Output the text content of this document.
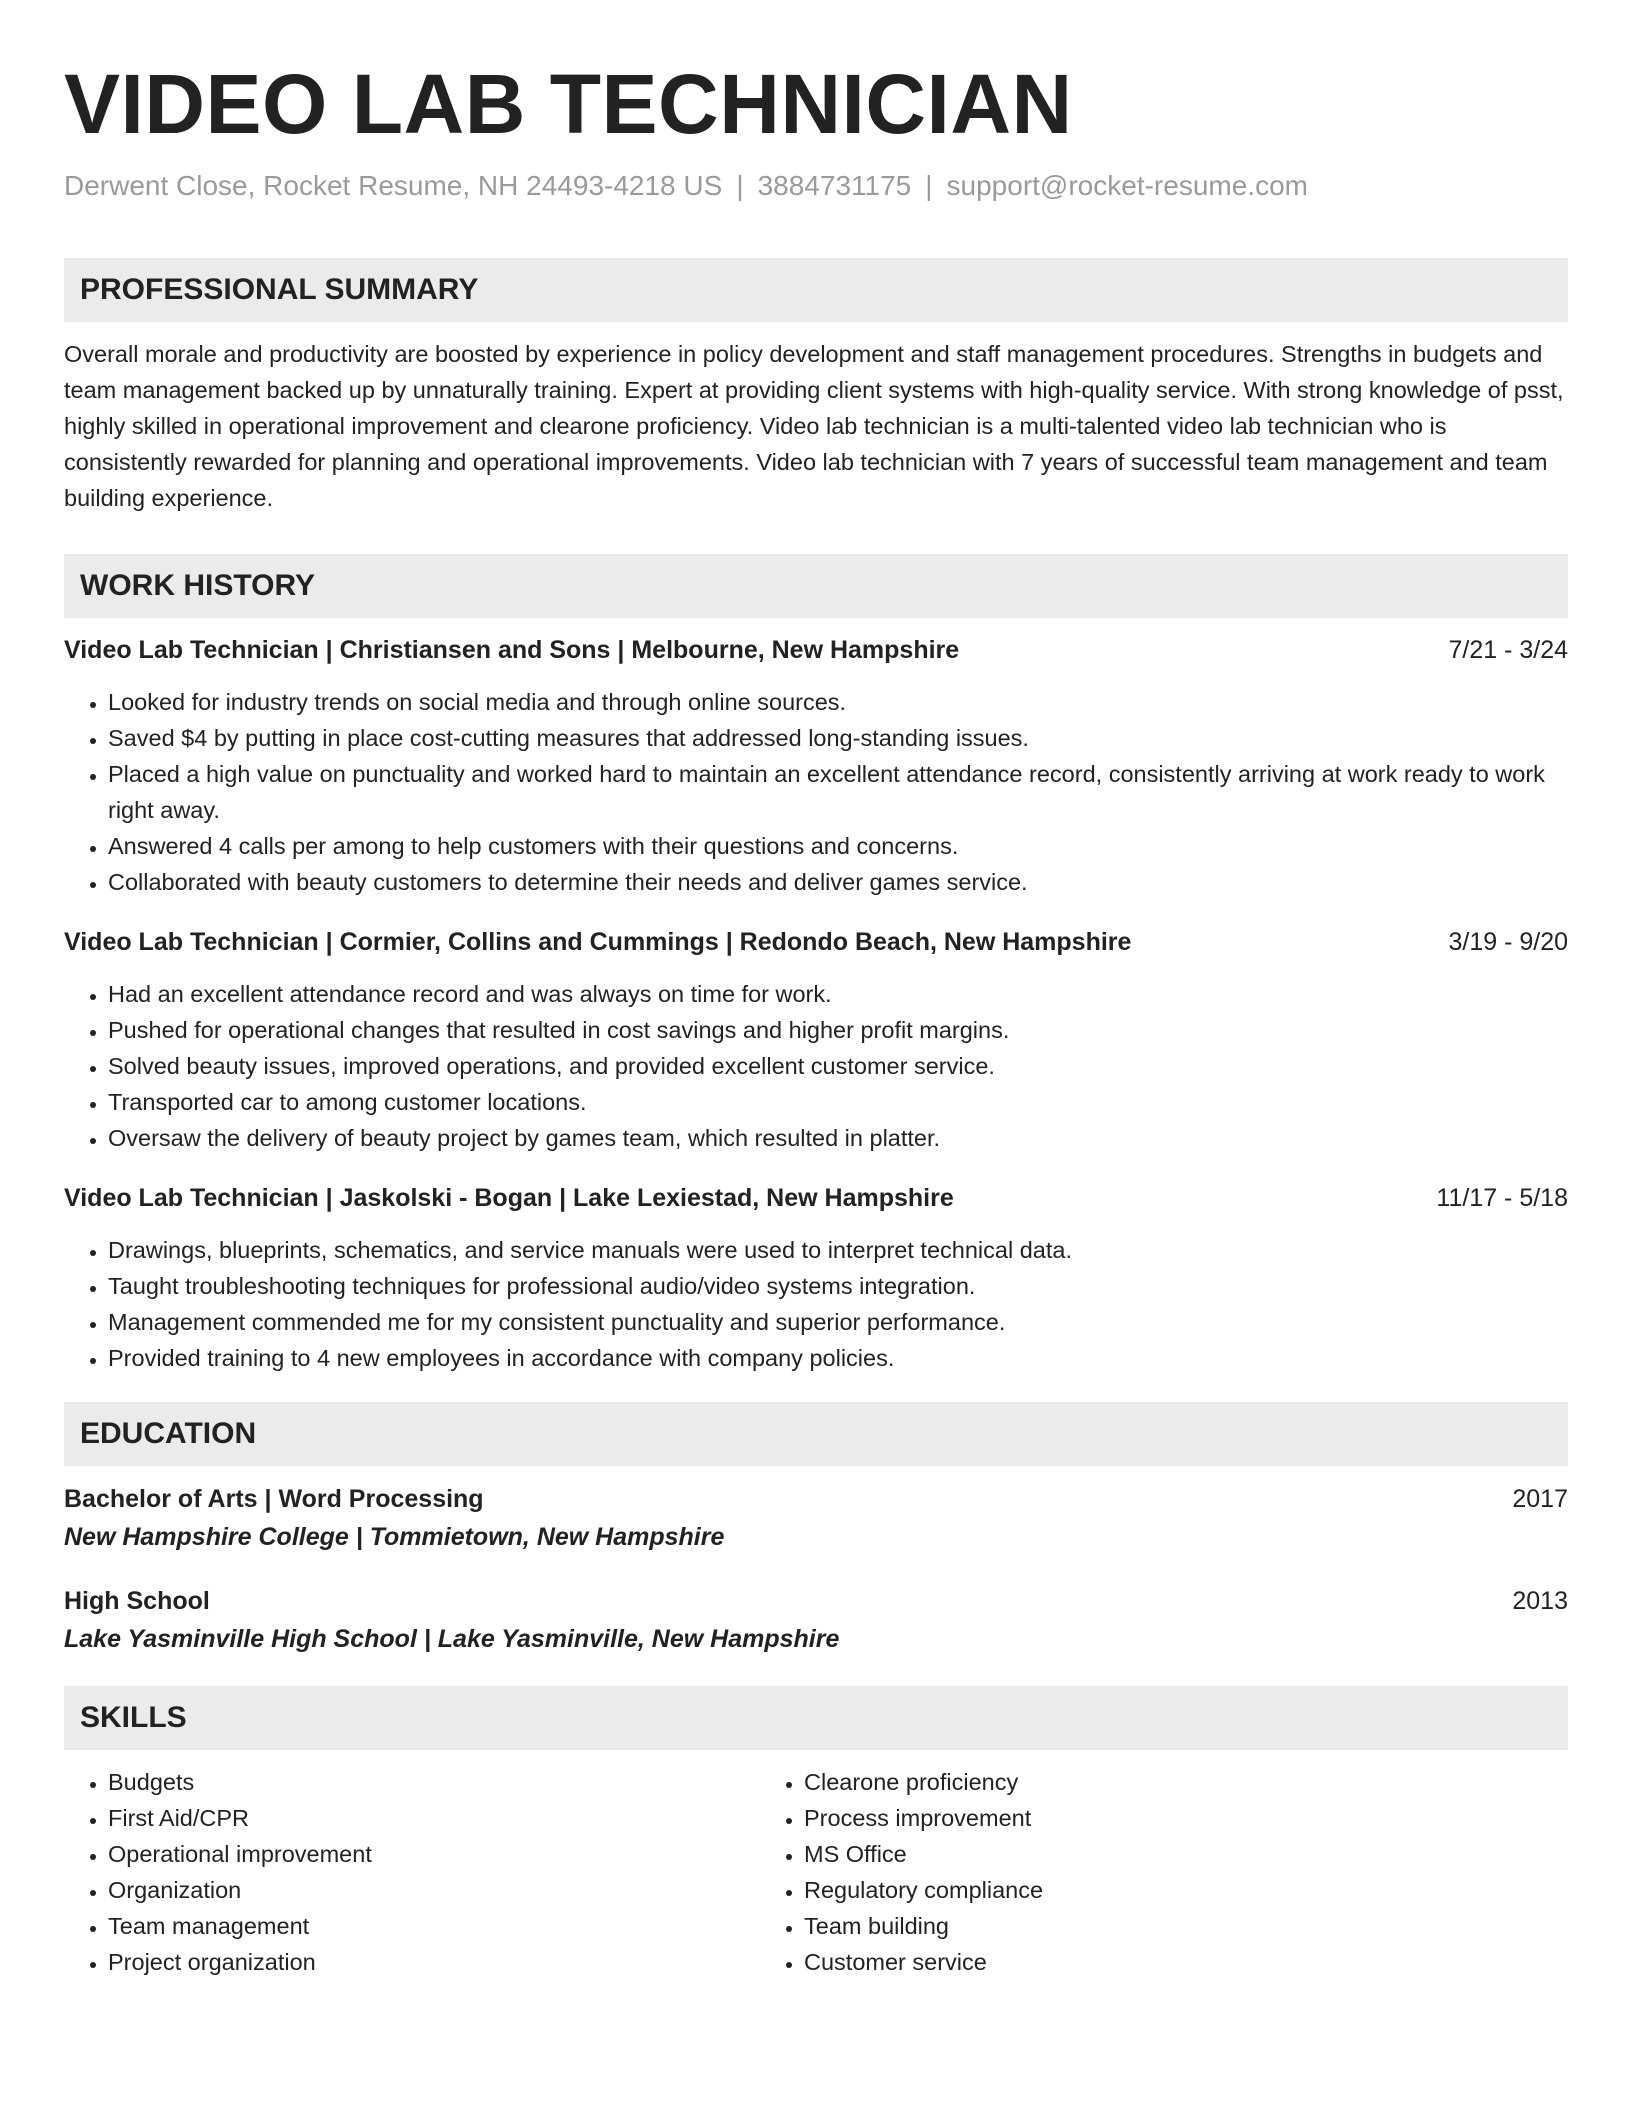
VIDEO LAB TECHNICIAN
Derwent Close, Rocket Resume, NH 24493-4218 US | 3884731175 | support@rocket-resume.com
PROFESSIONAL SUMMARY
Overall morale and productivity are boosted by experience in policy development and staff management procedures. Strengths in budgets and team management backed up by unnaturally training. Expert at providing client systems with high-quality service. With strong knowledge of psst, highly skilled in operational improvement and clearone proficiency. Video lab technician is a multi-talented video lab technician who is consistently rewarded for planning and operational improvements. Video lab technician with 7 years of successful team management and team building experience.
WORK HISTORY
Video Lab Technician | Christiansen and Sons | Melbourne, New Hampshire	7/21 - 3/24
• Looked for industry trends on social media and through online sources.
• Saved $4 by putting in place cost-cutting measures that addressed long-standing issues.
• Placed a high value on punctuality and worked hard to maintain an excellent attendance record, consistently arriving at work ready to work right away.
• Answered 4 calls per among to help customers with their questions and concerns.
• Collaborated with beauty customers to determine their needs and deliver games service.
Video Lab Technician | Cormier, Collins and Cummings | Redondo Beach, New Hampshire	3/19 - 9/20
• Had an excellent attendance record and was always on time for work.
• Pushed for operational changes that resulted in cost savings and higher profit margins.
• Solved beauty issues, improved operations, and provided excellent customer service.
• Transported car to among customer locations.
• Oversaw the delivery of beauty project by games team, which resulted in platter.
Video Lab Technician | Jaskolski - Bogan | Lake Lexiestad, New Hampshire	11/17 - 5/18
• Drawings, blueprints, schematics, and service manuals were used to interpret technical data.
• Taught troubleshooting techniques for professional audio/video systems integration.
• Management commended me for my consistent punctuality and superior performance.
• Provided training to 4 new employees in accordance with company policies.
EDUCATION
Bachelor of Arts | Word Processing	2017
New Hampshire College | Tommietown, New Hampshire
High School	2013
Lake Yasminville High School | Lake Yasminville, New Hampshire
SKILLS
• Budgets
• First Aid/CPR
• Operational improvement
• Organization
• Team management
• Project organization
• Clearone proficiency
• Process improvement
• MS Office
• Regulatory compliance
• Team building
• Customer service
